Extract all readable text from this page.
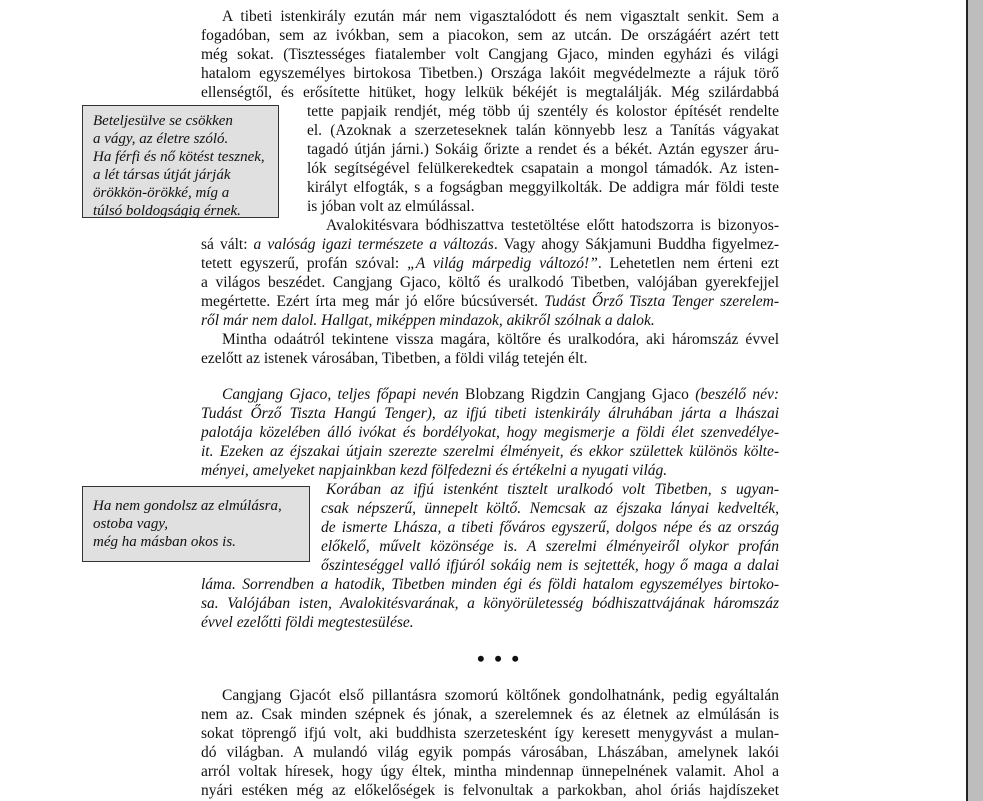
A tibeti istenkirály ezután már nem vigasztalódott és nem vigasztalt senkit. Sem a
fogadóban, sem az ivókban, sem a piacokon, sem az utcán. De országáért azért tett
még sokat. (Tisztességes fiatalember volt Cangjang Gjaco, minden egyházi és világi
hatalom egyszemélyes birtokosa Tibetben.) Országa lakóit megvédelmezte a rájuk törő
ellenségtől, és erősítette hitüket, hogy lelkük békéjét is megtalálják. Még szilárdabbá
tette papjaik rendjét, még több új szentély és kolostor építését rendelte
el. (Azoknak a szerzeteseknek talán könnyebb lesz a Tanítás vágyakat
tagadó útján járni.) Sokáig őrizte a rendet és a békét. Aztán egyszer áru-
lók segítségével felülkerekedtek csapatain a mongol támadók. Az isten-
királyt elfogták, s a fogságban meggyilkolták. De addigra már földi teste
is jóban volt az elmúlással.
Avalokitésvara bódhiszattva testetöltése előtt hatodszorra is bizonyos-
sá vált: a valóság igazi természete a változás. Vagy ahogy Sákjamuni Buddha figyelmez-
tetett egyszerű, profán szóval: „A világ márpedig változó!”. Lehetetlen nem érteni ezt
a világos beszédet. Cangjang Gjaco, költő és uralkodó Tibetben, valójában gyerekfejjel
megértette. Ezért írta meg már jó előre búcsúversét. Tudást Őrző Tiszta Tenger szerelem-
ről már nem dalol. Hallgat, miképpen mindazok, akikről szólnak a dalok.
Mintha odaátról tekintene vissza magára, költőre és uralkodóra, aki háromszáz évvel
ezelőtt az istenek városában, Tibetben, a földi világ tetején élt.
Cangjang Gjaco, teljes főpapi nevén Blobzang Rigdzin Cangjang Gjaco (beszélő név:
Tudást Őrző Tiszta Hangú Tenger), az ifjú tibeti istenkirály álruhában járta a lhászai
palotája közelében álló ivókat és bordélyokat, hogy megismerje a földi élet szenvedélye-
it. Ezeken az éjszakai útjain szerezte szerelmi élményeit, és ekkor születtek különös költe-
ményei, amelyeket napjainkban kezd fölfedezni és értékelni a nyugati világ.
Korában az ifjú istenként tisztelt uralkodó volt Tibetben, s ugyan-
csak népszerű, ünnepelt költő. Nemcsak az éjszaka lányai kedvelték,
de ismerte Lhásza, a tibeti főváros egyszerű, dolgos népe és az ország
előkelő, művelt közönsége is. A szerelmi élményeiről olykor profán
őszinteséggel valló ifjúról sokáig nem is sejtették, hogy ő maga a dalai
láma. Sorrendben a hatodik, Tibetben minden égi és földi hatalom egyszemélyes birtoko-
sa. Valójában isten, Avalokitésvarának, a könyörületesség bódhiszattvájának háromszáz
évvel ezelőtti földi megtestesülése.
Cangjang Gjacót első pillantásra szomorú költőnek gondolhatnánk, pedig egyáltalán
nem az. Csak minden szépnek és jónak, a szerelemnek és az életnek az elmúlásán is
sokat töprengő ifjú volt, aki buddhista szerzetesként így keresett menygyvást a mulan-
dó világban. A mulandó világ egyik pompás városában, Lhászában, amelynek lakói
arról voltak híresek, hogy úgy éltek, mintha mindennap ünnepelnének valamit. Ahol a
nyári estéken még az előkelőségek is felvonultak a parkokban, ahol óriás hajdíszeket
Beteljesülve se csökken
a vágy, az életre szóló.
Ha férfi és nő kötést tesznek,
a lét társas útját járják
örökkön-örökké, míg a
túlsó boldogságig érnek.
Ha nem gondolsz az elmúlásra,
ostoba vagy,
még ha másban okos is.
• • •
